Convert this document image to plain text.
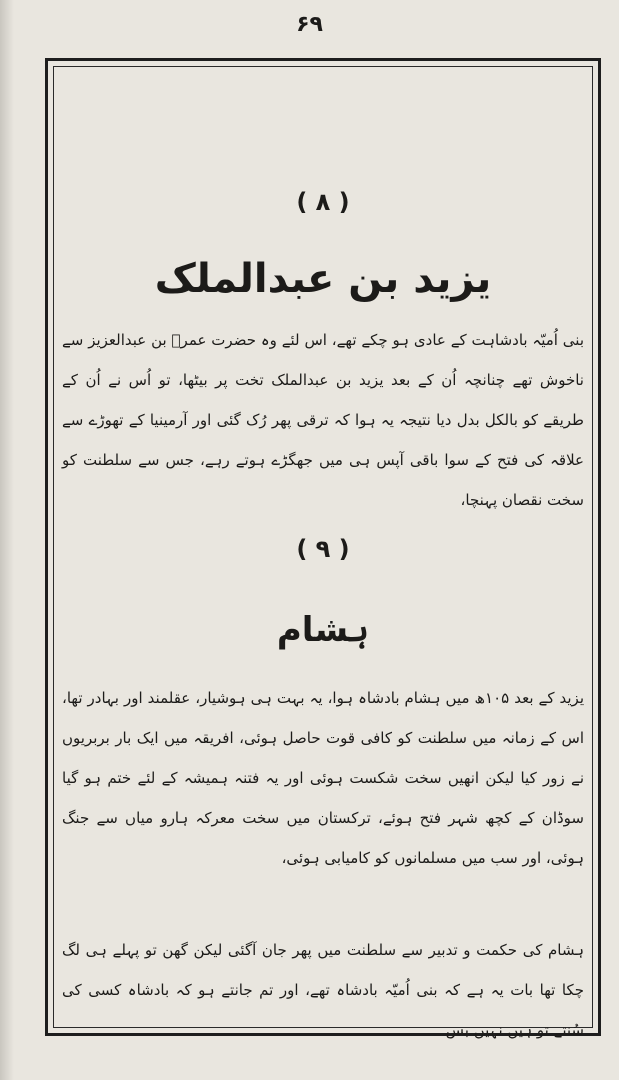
۶۹

( ۸ )

یزید بن عبدالملک

بنی اُمیّہ بادشاہت کے عادی ہو چکے تھے، اس لئے وہ حضرت عمرؒ بن عبدالعزیز سے ناخوش تھے چنانچہ اُن کے بعد یزید بن عبدالملک تخت پر بیٹھا، تو اُس نے اُن کے طریقے کو بالکل بدل دیا نتیجہ یہ ہوا کہ ترقی پھر رُک گئی اور آرمینیا کے تھوڑے سے علاقہ کی فتح کے سوا باقی آپس ہی میں جھگڑے ہوتے رہے، جس سے سلطنت کو سخت نقصان پہنچا،

( ۹ )

ہشام

یزید کے بعد ۱۰۵ھ میں ہشام بادشاہ ہوا، یہ بہت ہی ہوشیار، عقلمند اور بہادر تھا، اس کے زمانہ میں سلطنت کو کافی قوت حاصل ہوئی، افریقہ میں ایک بار بربریوں نے زور کیا لیکن انھیں سخت شکست ہوئی اور یہ فتنہ ہمیشہ کے لئے ختم ہو گیا سوڈان کے کچھ شہر فتح ہوئے، ترکستان میں سخت معرکہ ہارو میاں سے جنگ ہوئی، اور سب میں مسلمانوں کو کامیابی ہوئی،

ہشام کی حکمت و تدبیر سے سلطنت میں پھر جان آگئی لیکن گھن تو پہلے ہی لگ چکا تھا بات یہ ہے کہ بنی اُمیّہ بادشاہ تھے، اور تم جانتے ہو کہ بادشاہ کسی کی سُنتے تو ہیں نہیں بس
